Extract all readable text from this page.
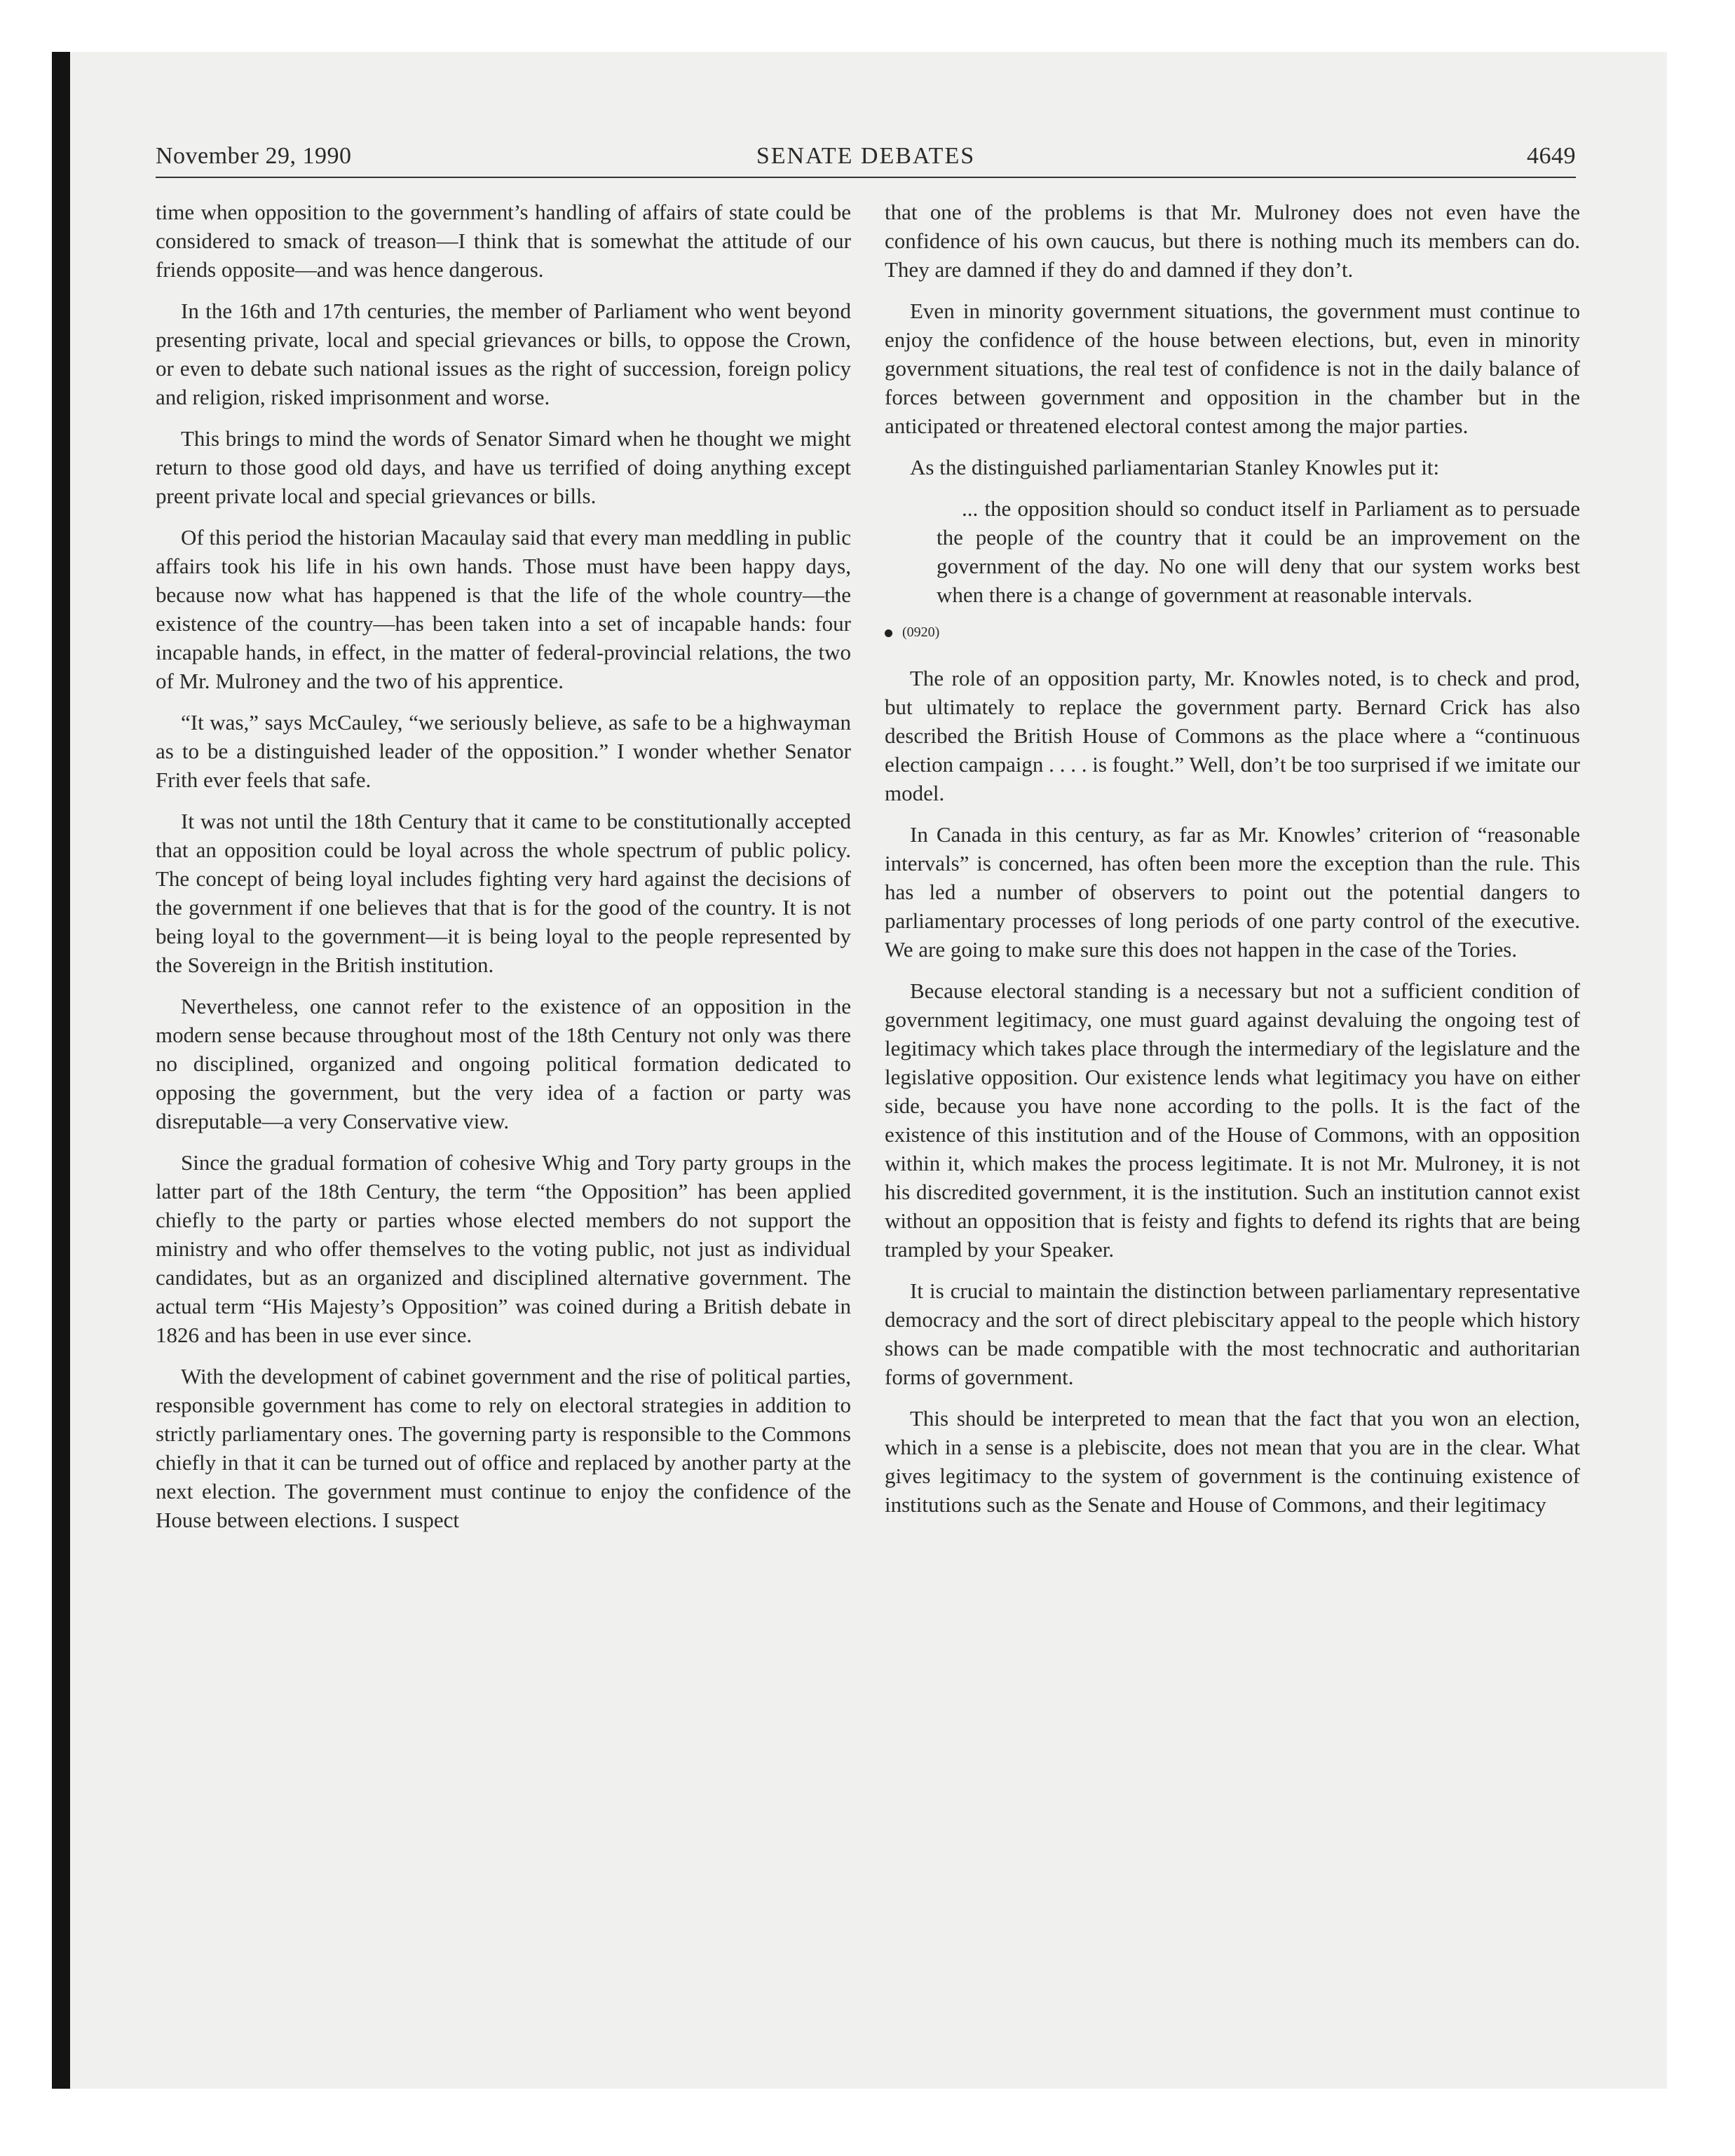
SENATE DEBATES
November 29, 1990	4649

time when opposition to the government’s handling of affairs of state could be considered to smack of treason—I think that is somewhat the attitude of our friends opposite—and was hence dangerous.

In the 16th and 17th centuries, the member of Parliament who went beyond presenting private, local and special grievances or bills, to oppose the Crown, or even to debate such national issues as the right of succession, foreign policy and religion, risked imprisonment and worse.

This brings to mind the words of Senator Simard when he thought we might return to those good old days, and have us terrified of doing anything except preent private local and special grievances or bills.

Of this period the historian Macaulay said that every man meddling in public affairs took his life in his own hands. Those must have been happy days, because now what has happened is that the life of the whole country—the existence of the country—has been taken into a set of incapable hands: four incapable hands, in effect, in the matter of federal-provincial relations, the two of Mr. Mulroney and the two of his apprentice.

“It was,” says McCauley, “we seriously believe, as safe to be a highwayman as to be a distinguished leader of the opposition.” I wonder whether Senator Frith ever feels that safe.

It was not until the 18th Century that it came to be constitutionally accepted that an opposition could be loyal across the whole spectrum of public policy. The concept of being loyal includes fighting very hard against the decisions of the government if one believes that that is for the good of the country. It is not being loyal to the government—it is being loyal to the people represented by the Sovereign in the British institution.

Nevertheless, one cannot refer to the existence of an opposition in the modern sense because throughout most of the 18th Century not only was there no disciplined, organized and ongoing political formation dedicated to opposing the government, but the very idea of a faction or party was disreputable—a very Conservative view.

Since the gradual formation of cohesive Whig and Tory party groups in the latter part of the 18th Century, the term “the Opposition” has been applied chiefly to the party or parties whose elected members do not support the ministry and who offer themselves to the voting public, not just as individual candidates, but as an organized and disciplined alternative government. The actual term “His Majesty’s Opposition” was coined during a British debate in 1826 and has been in use ever since.

With the development of cabinet government and the rise of political parties, responsible government has come to rely on electoral strategies in addition to strictly parliamentary ones. The governing party is responsible to the Commons chiefly in that it can be turned out of office and replaced by another party at the next election. The government must continue to enjoy the confidence of the House between elections. I suspect

that one of the problems is that Mr. Mulroney does not even have the confidence of his own caucus, but there is nothing much its members can do. They are damned if they do and damned if they don’t.

Even in minority government situations, the government must continue to enjoy the confidence of the house between elections, but, even in minority government situations, the real test of confidence is not in the daily balance of forces between government and opposition in the chamber but in the anticipated or threatened electoral contest among the major parties.

As the distinguished parliamentarian Stanley Knowles put it:

... the opposition should so conduct itself in Parliament as to persuade the people of the country that it could be an improvement on the government of the day. No one will deny that our system works best when there is a change of government at reasonable intervals.

(0920)

The role of an opposition party, Mr. Knowles noted, is to check and prod, but ultimately to replace the government party. Bernard Crick has also described the British House of Commons as the place where a “continuous election campaign . . . . is fought.” Well, don’t be too surprised if we imitate our model.

In Canada in this century, as far as Mr. Knowles’ criterion of “reasonable intervals” is concerned, has often been more the exception than the rule. This has led a number of observers to point out the potential dangers to parliamentary processes of long periods of one party control of the executive. We are going to make sure this does not happen in the case of the Tories.

Because electoral standing is a necessary but not a sufficient condition of government legitimacy, one must guard against devaluing the ongoing test of legitimacy which takes place through the intermediary of the legislature and the legislative opposition. Our existence lends what legitimacy you have on either side, because you have none according to the polls. It is the fact of the existence of this institution and of the House of Commons, with an opposition within it, which makes the process legitimate. It is not Mr. Mulroney, it is not his discredited government, it is the institution. Such an institution cannot exist without an opposition that is feisty and fights to defend its rights that are being trampled by your Speaker.

It is crucial to maintain the distinction between parliamentary representative democracy and the sort of direct plebiscitary appeal to the people which history shows can be made compatible with the most technocratic and authoritarian forms of government.

This should be interpreted to mean that the fact that you won an election, which in a sense is a plebiscite, does not mean that you are in the clear. What gives legitimacy to the system of government is the continuing existence of institutions such as the Senate and House of Commons, and their legitimacy
